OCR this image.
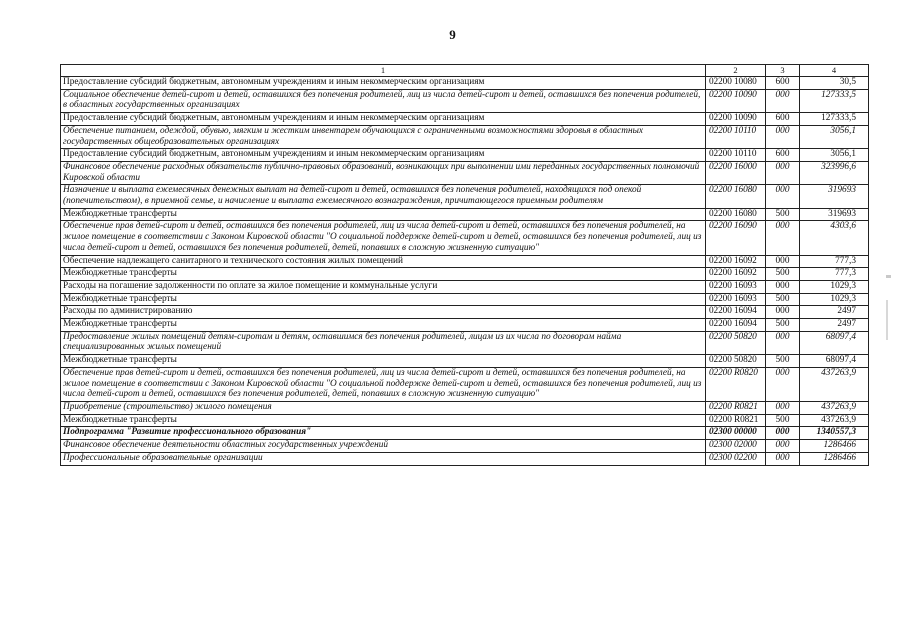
9
1	2	3	4
Предоставление субсидий бюджетным, автономным учреждениям и иным некоммерческим организациям	02200 10080	600	30,5
Социальное обеспечение детей-сирот и детей, оставшихся без попечения родителей, лиц из числа детей-сирот и детей, оставшихся без попечения родителей, в областных государственных организациях	02200 10090	000	127333,5
Предоставление субсидий бюджетным, автономным учреждениям и иным некоммерческим организациям	02200 10090	600	127333,5
Обеспечение питанием, одеждой, обувью, мягким и жестким инвентарем обучающихся с ограниченными возможностями здоровья в областных государственных общеобразовательных организациях	02200 10110	000	3056,1
Предоставление субсидий бюджетным, автономным учреждениям и иным некоммерческим организациям	02200 10110	600	3056,1
Финансовое обеспечение расходных обязательств публично-правовых образований, возникающих при выполнении ими переданных государственных полномочий Кировской области	02200 16000	000	323996,6
Назначение и выплата ежемесячных денежных выплат на детей-сирот и детей, оставшихся без попечения родителей, находящихся под опекой (попечительством), в приемной семье, и начисление и выплата ежемесячного вознаграждения, причитающегося приемным родителям	02200 16080	000	319693
Межбюджетные трансферты	02200 16080	500	319693
Обеспечение прав детей-сирот и детей, оставшихся без попечения родителей, лиц из числа детей-сирот и детей, оставшихся без попечения родителей, на жилое помещение в соответствии с Законом Кировской области "О социальной поддержке детей-сирот и детей, оставшихся без попечения родителей, лиц из числа детей-сирот и детей, оставшихся без попечения родителей, детей, попавших в сложную жизненную ситуацию"	02200 16090	000	4303,6
Обеспечение надлежащего санитарного и технического состояния жилых помещений	02200 16092	000	777,3
Межбюджетные трансферты	02200 16092	500	777,3
Расходы на погашение задолженности по оплате за жилое помещение и коммунальные услуги	02200 16093	000	1029,3
Межбюджетные трансферты	02200 16093	500	1029,3
Расходы по администрированию	02200 16094	000	2497
Межбюджетные трансферты	02200 16094	500	2497
Предоставление жилых помещений детям-сиротам и детям, оставшимся без попечения родителей, лицам из их числа по договорам найма специализированных жилых помещений	02200 50820	000	68097,4
Межбюджетные трансферты	02200 50820	500	68097,4
Обеспечение прав детей-сирот и детей, оставшихся без попечения родителей, лиц из числа детей-сирот и детей, оставшихся без попечения родителей, на жилое помещение в соответствии с Законом Кировской области "О социальной поддержке детей-сирот и детей, оставшихся без попечения родителей, лиц из числа детей-сирот и детей, оставшихся без попечения родителей, детей, попавших в сложную жизненную ситуацию"	02200 R0820	000	437263,9
Приобретение (строительство) жилого помещения	02200 R0821	000	437263,9
Межбюджетные трансферты	02200 R0821	500	437263,9
Подпрограмма "Развитие профессионального образования"	02300 00000	000	1340557,3
Финансовое обеспечение деятельности областных государственных учреждений	02300 02000	000	1286466
Профессиональные образовательные организации	02300 02200	000	1286466
